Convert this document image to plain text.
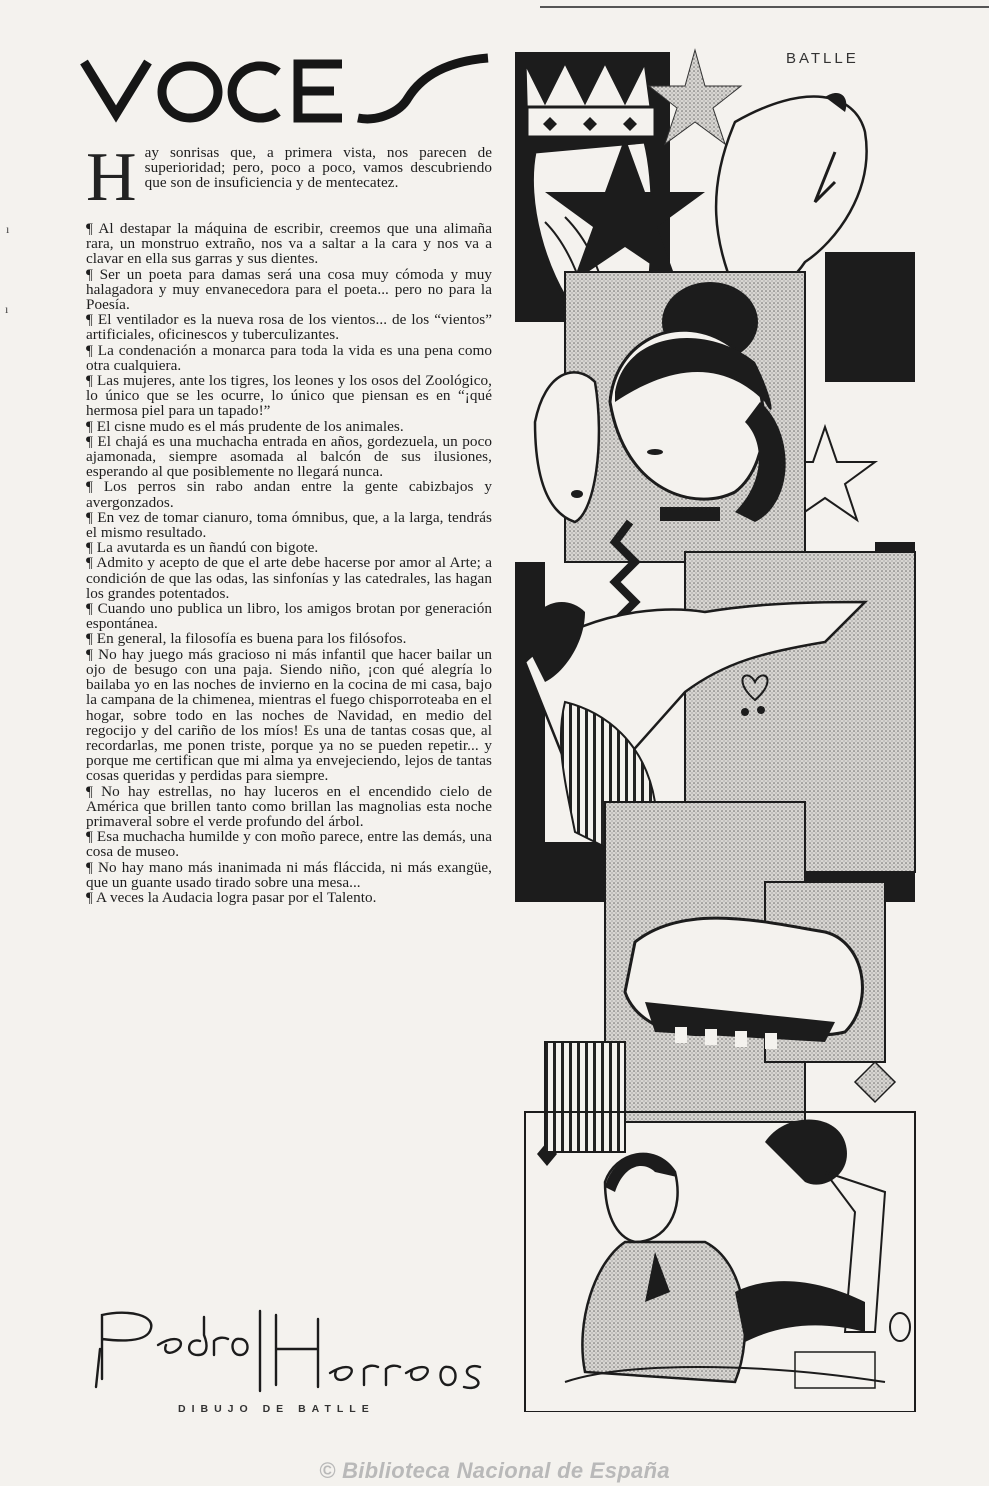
Hay sonrisas que, a primera vista, nos parecen de superioridad; pero, poco a poco, vamos descubriendo que son de insuficiencia y de mentecatez.

¶ Al destapar la máquina de escribir, creemos que una alimaña rara, un monstruo extraño, nos va a saltar a la cara y nos va a clavar en ella sus garras y sus dientes.

¶ Ser un poeta para damas será una cosa muy cómoda y muy halagadora y muy envanecedora para el poeta... pero no para la Poesía.

¶ El ventilador es la nueva rosa de los vientos... de los “vientos” artificiales, oficinescos y tuberculizantes.

¶ La condenación a monarca para toda la vida es una pena como otra cualquiera.

¶ Las mujeres, ante los tigres, los leones y los osos del Zoológico, lo único que se les ocurre, lo único que piensan es en “¡qué hermosa piel para un tapado!”

¶ El cisne mudo es el más prudente de los animales.

¶ El chajá es una muchacha entrada en años, gordezuela, un poco ajamonada, siempre asomada al balcón de sus ilusiones, esperando al que posiblemente no llegará nunca.

¶ Los perros sin rabo andan entre la gente cabizbajos y avergonzados.

¶ En vez de tomar cianuro, toma ómnibus, que, a la larga, tendrás el mismo resultado.

¶ La avutarda es un ñandú con bigote.

¶ Admito y acepto de que el arte debe hacerse por amor al Arte; a condición de que las odas, las sinfonías y las catedrales, las hagan los grandes potentados.

¶ Cuando uno publica un libro, los amigos brotan por generación espontánea.

¶ En general, la filosofía es buena para los filósofos.

¶ No hay juego más gracioso ni más infantil que hacer bailar un ojo de besugo con una paja. Siendo niño, ¡con qué alegría lo bailaba yo en las noches de invierno en la cocina de mi casa, bajo la campana de la chimenea, mientras el fuego chisporroteaba en el hogar, sobre todo en las noches de Navidad, en medio del regocijo y del cariño de los míos! Es una de tantas cosas que, al recordarlas, me ponen triste, porque ya no se pueden repetir... y porque me certifican que mi alma ya envejeciendo, lejos de tantas cosas queridas y perdidas para siempre.

¶ No hay estrellas, no hay luceros en el encendido cielo de América que brillen tanto como brillan las magnolias esta noche primaveral sobre el verde profundo del árbol.

¶ Esa muchacha humilde y con moño parece, entre las demás, una cosa de museo.

¶ No hay mano más inanimada ni más fláccida, ni más exangüe, que un guante usado tirado sobre una mesa...

¶ A veces la Audacia logra pasar por el Talento.

DIBUJO DE BATLLE
BATLLE
ı
ı
© Biblioteca Nacional de España
